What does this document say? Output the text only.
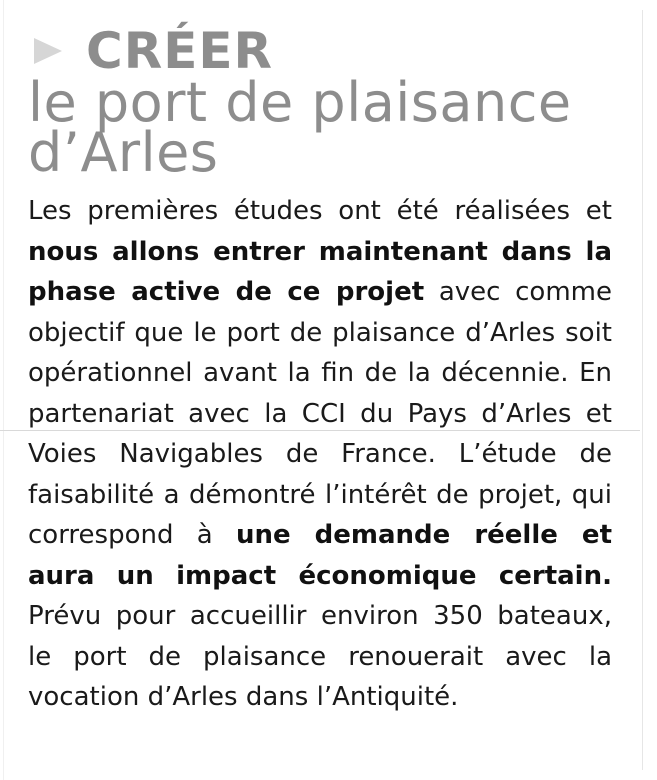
CRÉER
le port de plaisance
d’Arles
Les premières études ont été réalisées et nous allons entrer maintenant dans la phase active de ce projet avec comme objectif que le port de plaisance d’Arles soit opérationnel avant la fin de la décennie. En partenariat avec la CCI du Pays d’Arles et Voies Navigables de France. L’étude de faisabilité a démontré l’intérêt de projet, qui correspond à une demande réelle et aura un impact économique certain. Prévu pour accueillir environ 350 bateaux, le port de plaisance renouerait avec la vocation d’Arles dans l’Antiquité.
